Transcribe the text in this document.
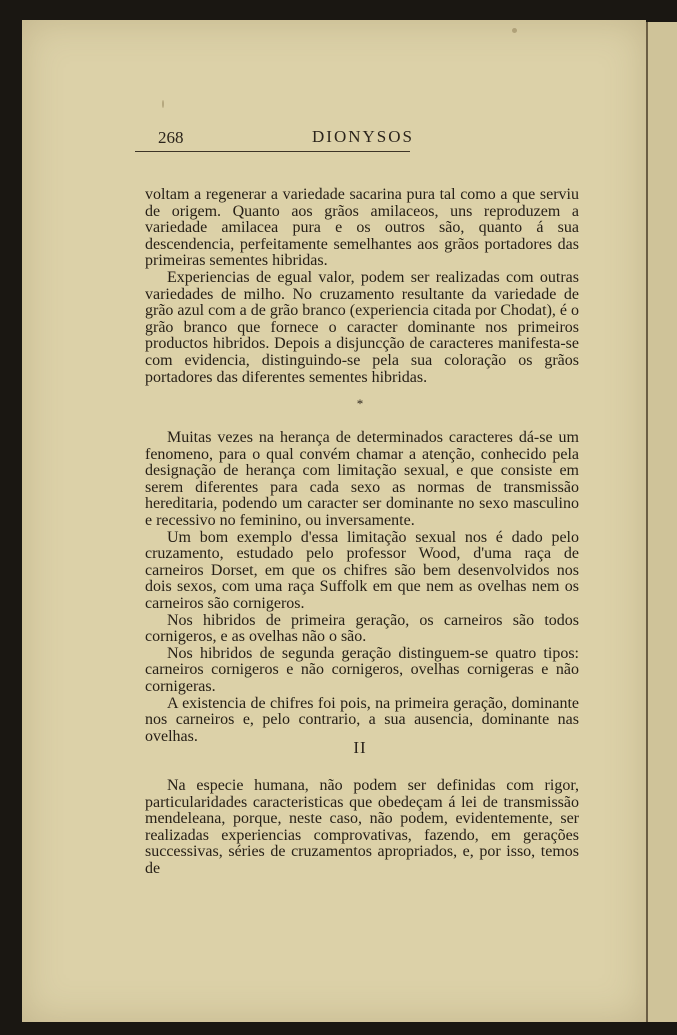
268	DIONYSOS

voltam a regenerar a variedade sacarina pura tal como a que serviu de origem. Quanto aos grãos amilaceos, uns reproduzem a variedade amilacea pura e os outros são, quanto á sua descendencia, perfeitamente semelhantes aos grãos portadores das primeiras sementes hibridas.

Experiencias de egual valor, podem ser realizadas com outras variedades de milho. No cruzamento resultante da variedade de grão azul com a de grão branco (experiencia citada por Chodat), é o grão branco que fornece o caracter dominante nos primeiros productos hibridos. Depois a disjuncção de caracteres manifesta-se com evidencia, distinguindo-se pela sua coloração os grãos portadores das diferentes sementes hibridas.

*

Muitas vezes na herança de determinados caracteres dá-se um fenomeno, para o qual convém chamar a atenção, conhecido pela designação de herança com limitação sexual, e que consiste em serem diferentes para cada sexo as normas de transmissão hereditaria, podendo um caracter ser dominante no sexo masculino e recessivo no feminino, ou inversamente.

Um bom exemplo d'essa limitação sexual nos é dado pelo cruzamento, estudado pelo professor Wood, d'uma raça de carneiros Dorset, em que os chifres são bem desenvolvidos nos dois sexos, com uma raça Suffolk em que nem as ovelhas nem os carneiros são cornigeros.

Nos hibridos de primeira geração, os carneiros são todos cornigeros, e as ovelhas não o são.

Nos hibridos de segunda geração distinguem-se quatro tipos: carneiros cornigeros e não cornigeros, ovelhas cornigeras e não cornigeras.

A existencia de chifres foi pois, na primeira geração, dominante nos carneiros e, pelo contrario, a sua ausencia, dominante nas ovelhas.

II

Na especie humana, não podem ser definidas com rigor, particularidades caracteristicas que obedeçam á lei de transmissão mendeleana, porque, neste caso, não podem, evidentemente, ser realizadas experiencias comprovativas, fazendo, em gerações successivas, séries de cruzamentos apropriados, e, por isso, temos de
